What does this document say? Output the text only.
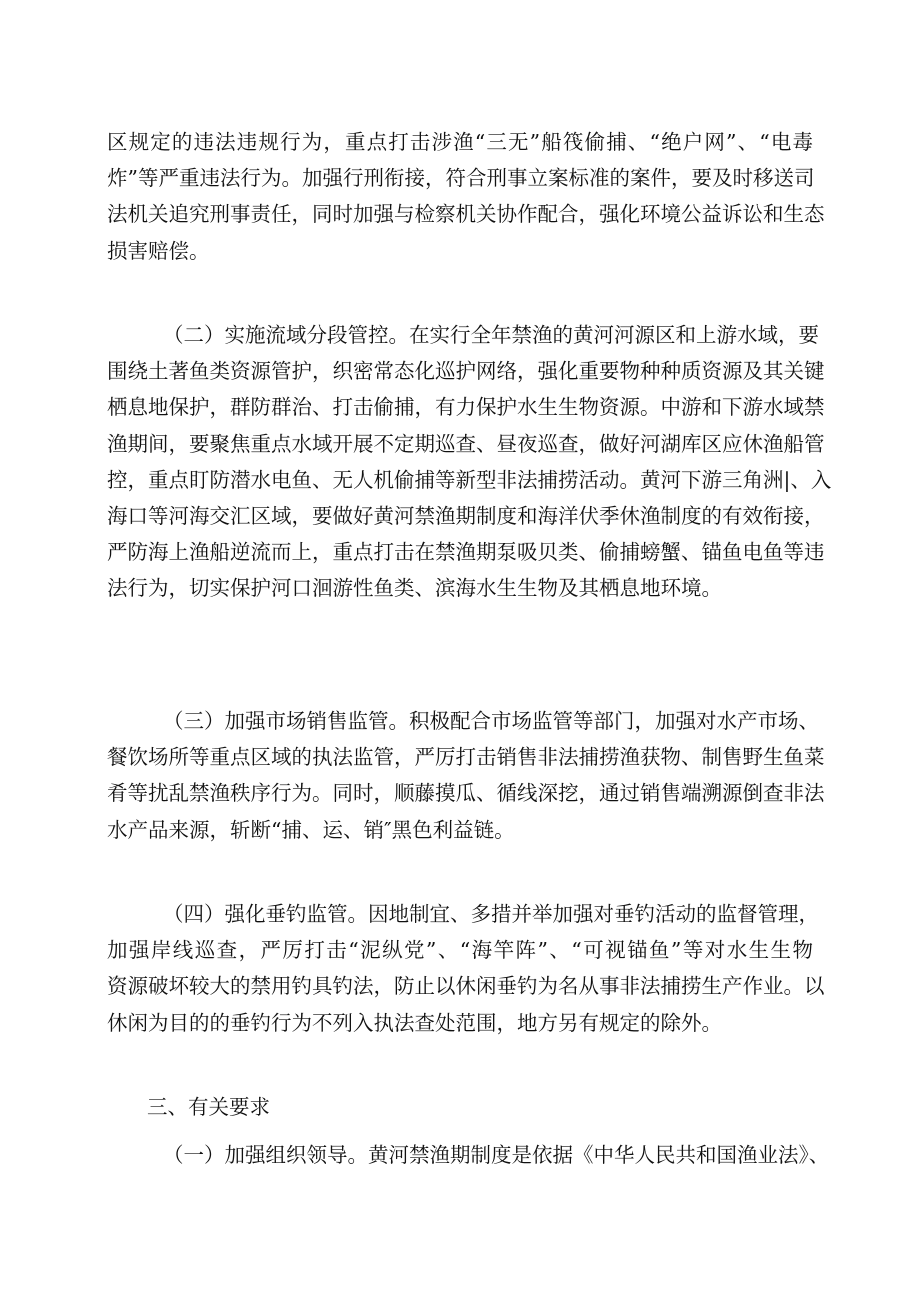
区规定的违法违规行为，重点打击涉渔“三无”船筏偷捕、“绝户网”、“电毒
炸”等严重违法行为。加强行刑衔接，符合刑事立案标准的案件，要及时移送司
法机关追究刑事责任，同时加强与检察机关协作配合，强化环境公益诉讼和生态
损害赔偿。
（二）实施流域分段管控。在实行全年禁渔的黄河河源区和上游水域，要
围绕土著鱼类资源管护，织密常态化巡护网络，强化重要物种种质资源及其关键
栖息地保护，群防群治、打击偷捕，有力保护水生生物资源。中游和下游水域禁
渔期间，要聚焦重点水域开展不定期巡查、昼夜巡查，做好河湖库区应休渔船管
控，重点盯防潜水电鱼、无人机偷捕等新型非法捕捞活动。黄河下游三角洲|、入
海口等河海交汇区域，要做好黄河禁渔期制度和海洋伏季休渔制度的有效衔接，
严防海上渔船逆流而上，重点打击在禁渔期泵吸贝类、偷捕螃蟹、锚鱼电鱼等违
法行为，切实保护河口洄游性鱼类、滨海水生生物及其栖息地环境。
（三）加强市场销售监管。积极配合市场监管等部门，加强对水产市场、
餐饮场所等重点区域的执法监管，严厉打击销售非法捕捞渔获物、制售野生鱼菜
肴等扰乱禁渔秩序行为。同时，顺藤摸瓜、循线深挖，通过销售端溯源倒查非法
水产品来源，斩断“捕、运、销″黑色利益链。
（四）强化垂钓监管。因地制宜、多措并举加强对垂钓活动的监督管理，
加强岸线巡查，严厉打击“泥纵党”、“海竿阵”、“可视锚鱼”等对水生生物
资源破坏较大的禁用钓具钓法，防止以休闲垂钓为名从事非法捕捞生产作业。以
休闲为目的的垂钓行为不列入执法查处范围，地方另有规定的除外。
三、有关要求
（一）加强组织领导。黄河禁渔期制度是依据《中华人民共和国渔业法》、
